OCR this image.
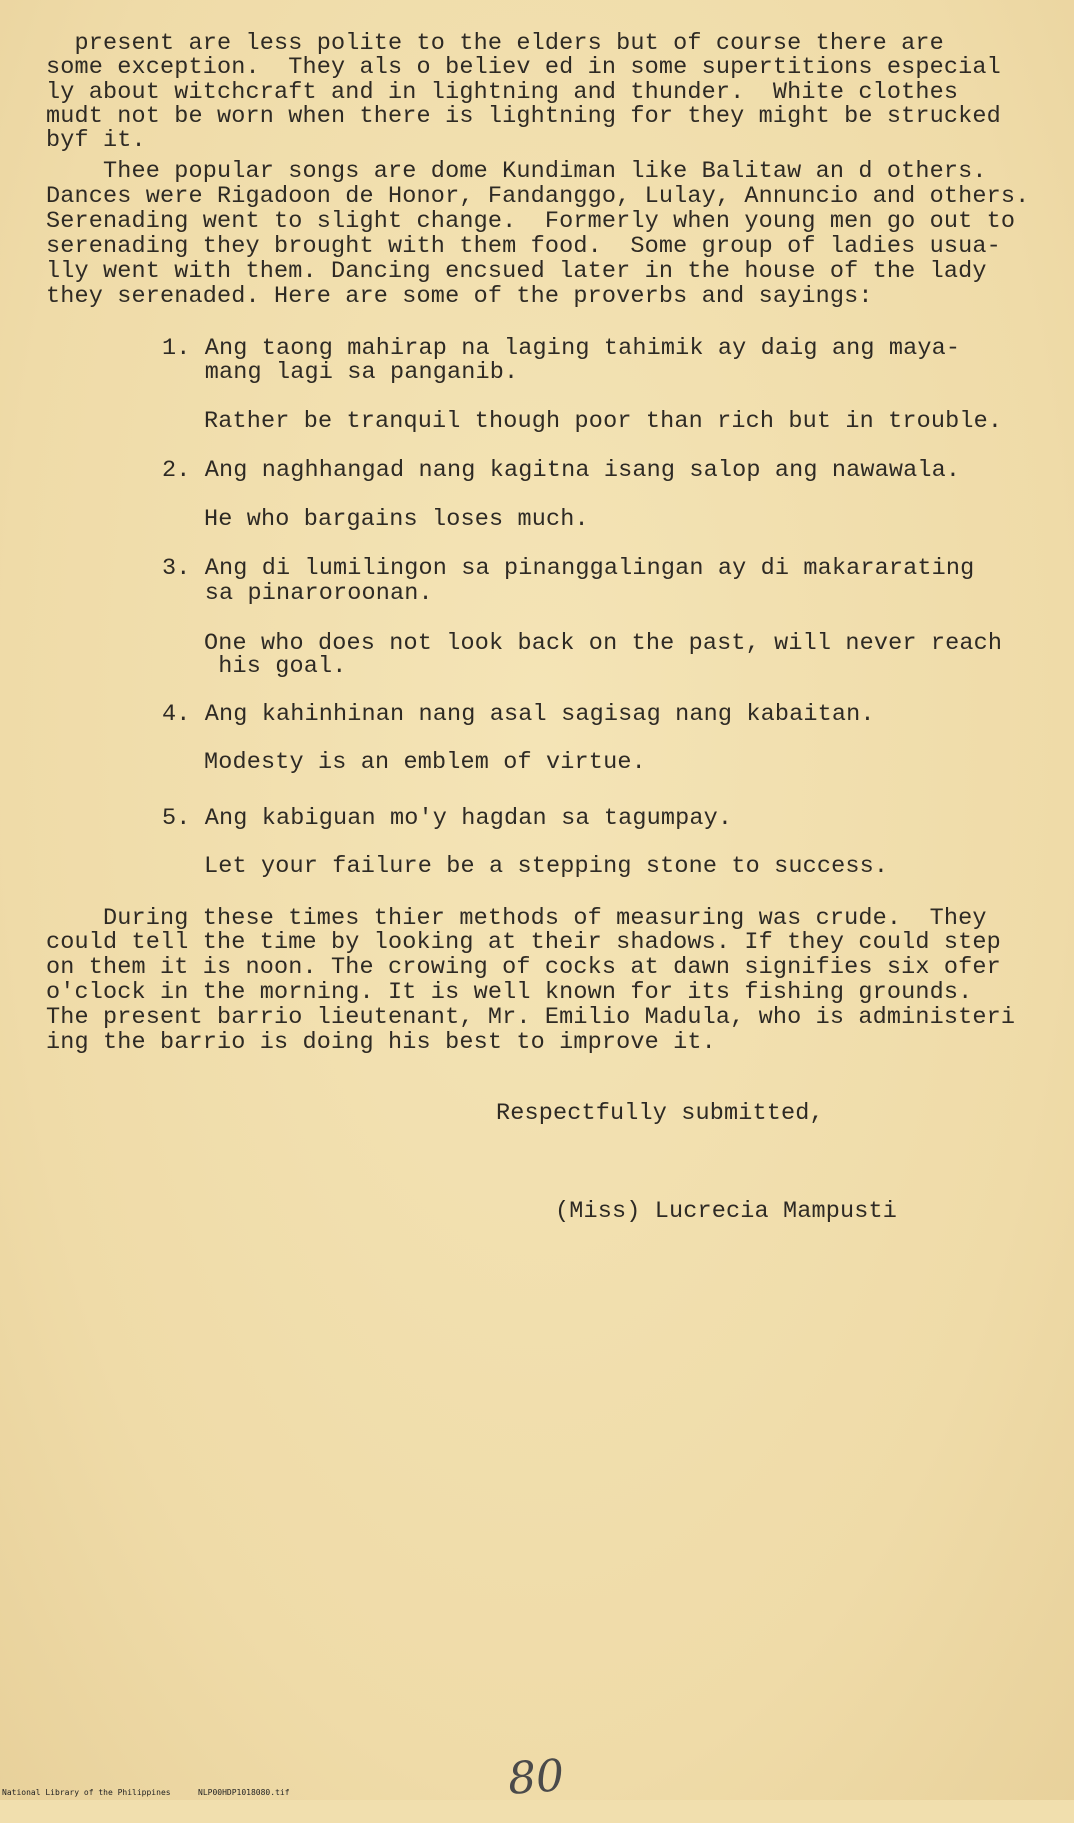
present are less polite to the elders but of course there are
some exception.  They als o believ ed in some supertitions especial
ly about witchcraft and in lightning and thunder.  White clothes
mudt not be worn when there is lightning for they might be strucked
byf it.
Thee popular songs are dome Kundiman like Balitaw an d others.
Dances were Rigadoon de Honor, Fandanggo, Lulay, Annuncio and others.
Serenading went to slight change.  Formerly when young men go out to
serenading they brought with them food.  Some group of ladies usua-
lly went with them. Dancing encsued later in the house of the lady
they serenaded. Here are some of the proverbs and sayings:
1. Ang taong mahirap na laging tahimik ay daig ang maya-
mang lagi sa panganib.
Rather be tranquil though poor than rich but in trouble.
2. Ang naghhangad nang kagitna isang salop ang nawawala.
He who bargains loses much.
3. Ang di lumilingon sa pinanggalingan ay di makararating
sa pinaroroonan.
One who does not look back on the past, will never reach
his goal.
4. Ang kahinhinan nang asal sagisag nang kabaitan.
Modesty is an emblem of virtue.
5. Ang kabiguan mo'y hagdan sa tagumpay.
Let your failure be a stepping stone to success.
During these times thier methods of measuring was crude.  They
could tell the time by looking at their shadows. If they could step
on them it is noon. The crowing of cocks at dawn signifies six ofer
o'clock in the morning. It is well known for its fishing grounds.
The present barrio lieutenant, Mr. Emilio Madula, who is administeri
ing the barrio is doing his best to improve it.
Respectfully submitted,
(Miss) Lucrecia Mampusti
80

National Library of the Philippines

	NLP00HDP1018080.tif
